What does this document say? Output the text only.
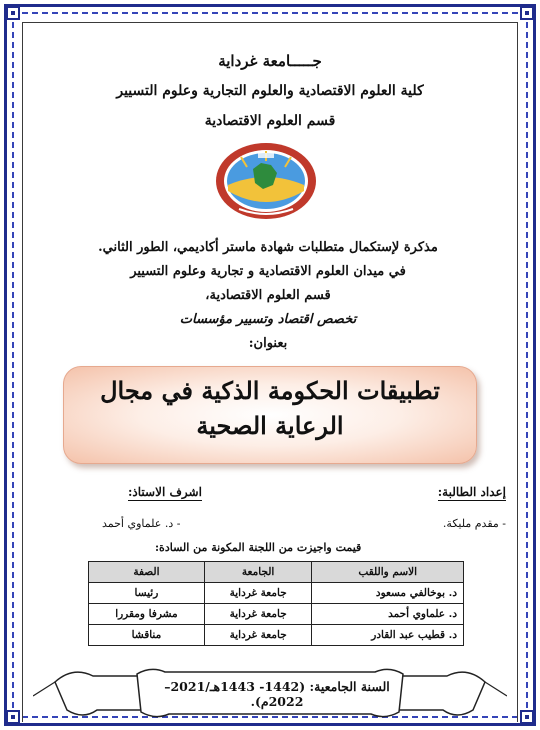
جـــــامعة غرداية
كلية العلوم الاقتصادية والعلوم التجارية وعلوم التسيير
قسم العلوم الاقتصادية
مذكرة لإستكمال متطلبات شهادة ماستر أكاديمي، الطور الثاني.
في ميدان العلوم الاقتصادية و تجارية وعلوم التسيير
قسم العلوم الاقتصادية،
تخصص اقتصاد وتسيير مؤسسات
بعنوان:
تطبيقات الحكومة الذكية في مجال
الرعاية الصحية
إعداد الطالبة:
اشرف الاستاذ:
- مقدم مليكة.
- د. علماوي أحمد
قيمت واجيزت من اللجنة المكونة من السادة:
الاسم واللقب	الجامعة	الصفة
د. بوخالفي مسعود	جامعة غرداية	رئيسا
د. علماوي أحمد	جامعة غرداية	مشرفا ومقررا
د. قطيب عبد القادر	جامعة غرداية	مناقشا
السنة الجامعية: (1442- 1443هـ/2021–2022م).
